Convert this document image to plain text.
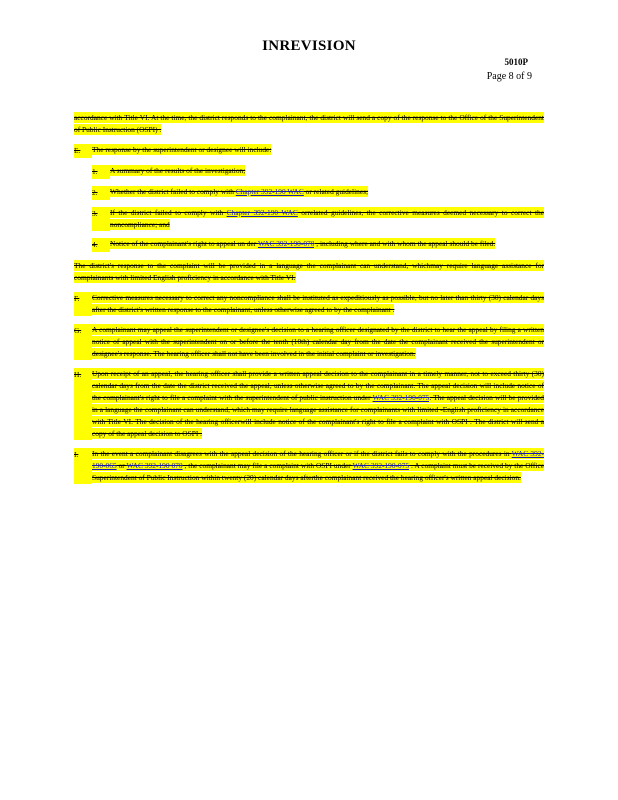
INREVISION
5010P
Page 8 of 9

accordance with Title VI. At the time, the district responds to the complainant, the district will send a copy of the response to the Office of the Superintendent of Public Instruction (OSPI) .

E.	The response by the superintendent or designee will include:
1.	A summary of the results of the investigation;

2.	Whether the district failed to comply with Chapter 392-190 WAC or related guidelines;

3.	If the district failed to comply with Chapter 392-190 WAC orrelated guidelines, the corrective measures deemed necessary to correct the noncompliance; and

4.	Notice of the complainant's right to appeal un der WAC 392-190-070 , including where and with whom the appeal should be filed.

The district's response to the complaint will be provided in a language the complainant can understand, whichmay require language assistance for complainants with limited English proficiency in accordance with Title VI.

F.	Corrective measures necessary to correct any noncompliance shall be instituted as expeditiously as possible, but no later than thirty (30) calendar days after the district's written response to the complainant, unless otherwise agreed to by the complainant .

G.	A complainant may appeal the superintendent or designee's decision to a hearing officer designated by the district to hear the appeal by filing a written notice of appeal with the superintendent on or before the tenth (10th) calendar day from the date the complainant received the superintendent or designee's response. The hearing officer shall not have been involved in the initial complaint or investigation.

H.	Upon receipt of an appeal, the hearing officer shall provide a written appeal decision to the complainant in a timely manner, not to exceed thirty (30) calendar days from the date the district received the appeal, unless otherwise agreed to by the complainant. The appeal decision will include notice of the complainant's right to file a complaint with the superintendent of public instruction under WAC 392-190-075. The appeal decision will be provided in a language the complainant can understand, which may require language assistance for complainants with limited -English proficiency in accordance with Title VI. The decision of the hearing officerwill include notice of the complainant's right to file a complaint with OSPI . The district will send a copy of the appeal decision to OSPI .

I.	In the event a complainant disagrees with the appeal decision of the hearing officer or if the district fails to comply with the procedures in WAC 392-190-065 or WAC 392-190 070 , the complainant may file a complaint with OSPI under WAC 392-190-075 . A complaint must be received by the Office Superintendent of Public Instruction within twenty (20) calendar days afterthe complainant received the hearing officer's written appeal decision.
